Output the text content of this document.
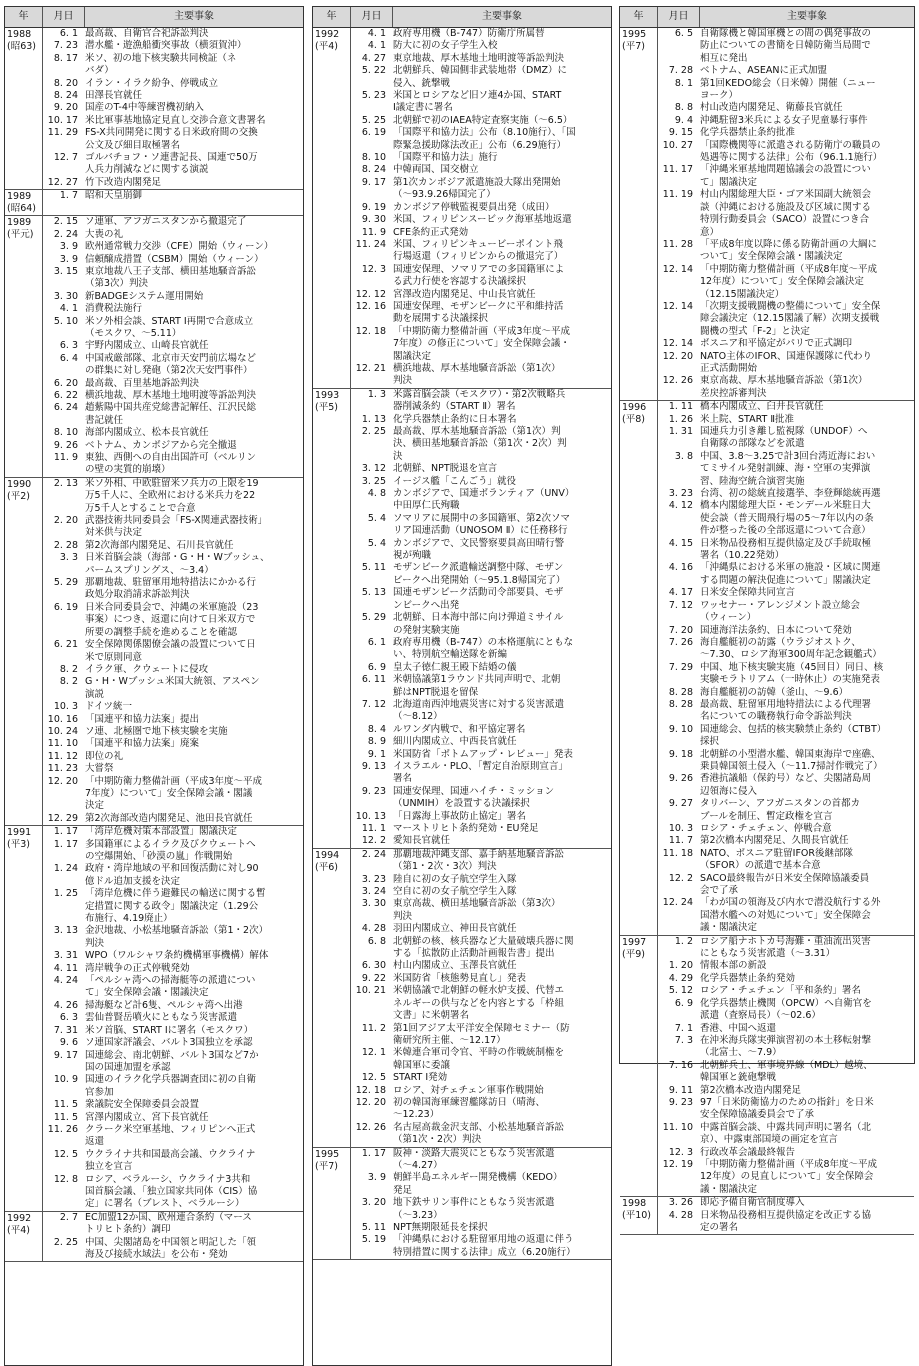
年	月日	主要事象
1988
(昭63)
6. 1 最高裁、自衛官合祀訴訟判決
7. 23 潜水艦・遊漁船衝突事故（横須賀沖）
8. 17 米ソ、初の地下核実験共同検証（ネ
バダ）
8. 20 イラン・イラク紛争、停戦成立
8. 24 田澤長官就任
9. 20 国産のT-4中等練習機初納入
10. 17 米比軍事基地協定見直し交渉合意文書署名
11. 29 FS-X共同開発に関する日米政府間の交換
公文及び細目取極署名
12. 7 ゴルバチョフ・ソ連書記長、国連で50万
人兵力削減などに関する演説
12. 27 竹下改造内閣発足
1989
(昭64)
1. 7 昭和天皇崩御
1989
(平元)
2. 15 ソ連軍、アフガニスタンから撤退完了
2. 24 大喪の礼
3. 9 欧州通常戦力交渉（CFE）開始（ウィーン）
3. 9 信頼醸成措置（CSBM）開始（ウィーン）
3. 15 東京地裁八王子支部、横田基地騒音訴訟
（第3次）判決
3. 30 新BADGEシステム運用開始
4. 1 消費税法施行
5. 10 米ソ外相会談、START Ⅰ再開で合意成立
（モスクワ、～5.11）
6. 3 宇野内閣成立、山崎長官就任
6. 4 中国戒厳部隊、北京市天安門前広場など
の群集に対し発砲（第2次天安門事件）
6. 20 最高裁、百里基地訴訟判決
6. 22 横浜地裁、厚木基地土地明渡等訴訟判決
6. 24 趙紫陽中国共産党総書記解任、江沢民総
書記就任
8. 10 海部内閣成立、松本長官就任
9. 26 ベトナム、カンボジアから完全撤退
11. 9 東独、西側への自由出国許可（ベルリン
の壁の実質的崩壊）
1990
(平2)
2. 13 米ソ外相、中欧駐留米ソ兵力の上限を19
万5千人に、全欧州における米兵力を22
万5千人とすることで合意
2. 20 武器技術共同委員会「FS-X関連武器技術」
対米供与決定
2. 28 第2次海部内閣発足、石川長官就任
3. 3 日米首脳会談（海部・G・H・Wブッシュ、
パームスプリングス、～3.4）
5. 29 那覇地裁、駐留軍用地特措法にかかる行
政処分取消請求訴訟判決
6. 19 日米合同委員会で、沖縄の米軍施設（23
事案）につき、返還に向けて日米双方で
所要の調整手続を進めることを確認
6. 21 安全保障関係閣僚会議の設置について日
米で原則同意
8. 2 イラク軍、クウェートに侵攻
8. 2 G・H・Wブッシュ米国大統領、アスペン
演説
10. 3 ドイツ統一
10. 16 「国連平和協力法案」提出
10. 24 ソ連、北極圏で地下核実験を実施
11. 10 「国連平和協力法案」廃案
11. 12 即位の礼
11. 23 大嘗祭
12. 20 「中期防衛力整備計画（平成3年度～平成
7年度）について」安全保障会議・閣議
決定
12. 29 第2次海部改造内閣発足、池田長官就任
1991
(平3)
1. 17 「湾岸危機対策本部設置」閣議決定
1. 17 多国籍軍によるイラク及びクウェートへ
の空爆開始、「砂漠の嵐」作戦開始
1. 24 政府・湾岸地域の平和回復活動に対し90
億ドル追加支援を決定
1. 25 「湾岸危機に伴う避難民の輸送に関する暫
定措置に関する政令」閣議決定（1.29公
布施行、4.19廃止）
3. 13 金沢地裁、小松基地騒音訴訟（第1・2次）
判決
3. 31 WPO（ワルシャワ条約機構軍事機構）解体
4. 11 湾岸戦争の正式停戦発効
4. 24 「ペルシャ湾への掃海艇等の派遣につい
て」安全保障会議・閣議決定
4. 26 掃海艇など計6隻、ペルシャ湾へ出港
6. 3 雲仙普賢岳噴火にともなう災害派遣
7. 31 米ソ首脳、START Ⅰに署名（モスクワ）
9. 6 ソ連国家評議会、バルト3国独立を承認
9. 17 国連総会、南北朝鮮、バルト3国など7か
国の国連加盟を承認
10. 9 国連のイラク化学兵器調査団に初の自衛
官参加
11. 5 衆議院安全保障委員会設置
11. 5 宮澤内閣成立、宮下長官就任
11. 26 クラーク米空軍基地、フィリピンへ正式
返還
12. 5 ウクライナ共和国最高会議、ウクライナ
独立を宣言
12. 8 ロシア、ベラルーシ、ウクライナ3共和
国首脳会議、「独立国家共同体（CIS）協
定」に署名（ブレスト、ベラルーシ）
1992
(平4)
2. 7 EC加盟12か国、欧州連合条約（マース
トリヒト条約）調印
2. 25 中国、尖閣諸島を中国領と明記した「領
海及び接続水域法」を公布・発効
年	月日	主要事象
1992
(平4)
4. 1 政府専用機（B-747）防衛庁所属替
4. 1 防大に初の女子学生入校
4. 27 東京地裁、厚木基地土地明渡等訴訟判決
5. 22 北朝鮮兵、韓国側非武装地帯（DMZ）に
侵入、銃撃戦
5. 23 米国とロシアなど旧ソ連4か国、START
Ⅰ議定書に署名
5. 25 北朝鮮で初のIAEA特定査察実施（～6.5）
6. 19 「国際平和協力法」公布（8.10施行）、「国
際緊急援助隊法改正」公布（6.29施行）
8. 10 「国際平和協力法」施行
8. 24 中韓両国、国交樹立
9. 17 第1次カンボジア派遣施設大隊出発開始
（～93.9.26帰国完了）
9. 19 カンボジア停戦監視要員出発（成田）
9. 30 米国、フィリピンスービック海軍基地返還
11. 9 CFE条約正式発効
11. 24 米国、フィリピンキュービーポイント飛
行場返還（フィリピンからの撤退完了）
12. 3 国連安保理、ソマリアでの多国籍軍によ
る武力行使を容認する決議採択
12. 12 宮澤改造内閣発足、中山長官就任
12. 16 国連安保理、モザンビークに平和維持活
動を展開する決議採択
12. 18 「中期防衛力整備計画（平成3年度～平成
7年度）の修正について」安全保障会議・
閣議決定
12. 21 横浜地裁、厚木基地騒音訴訟（第1次）
判決
1993
(平5)
1. 3 米露首脳会談（モスクワ）・第2次戦略兵
器削減条約（START Ⅱ）署名
1. 13 化学兵器禁止条約に日本署名
2. 25 最高裁、厚木基地騒音訴訟（第1次）判
決、横田基地騒音訴訟（第1次・2次）判
決
3. 12 北朝鮮、NPT脱退を宣言
3. 25 イージス艦「こんごう」就役
4. 8 カンボジアで、国連ボランティア（UNV）
中田厚仁氏殉職
5. 4 ソマリアに展開中の多国籍軍、第2次ソマ
リア国連活動（UNOSOM Ⅱ）に任務移行
5. 4 カンボジアで、文民警察要員高田晴行警
視が殉職
5. 11 モザンビーク派遣輸送調整中隊、モザン
ビークへ出発開始（～95.1.8帰国完了）
5. 13 国連モザンビーク活動司令部要員、モザ
ンビークへ出発
5. 29 北朝鮮、日本海中部に向け弾道ミサイル
の発射実験実施
6. 1 政府専用機（B-747）の本格運航にともな
い、特別航空輸送隊を新編
6. 9 皇太子徳仁親王殿下結婚の儀
6. 11 米朝協議第1ラウンド共同声明で、北朝
鮮はNPT脱退を留保
7. 12 北海道南西沖地震災害に対する災害派遣
（～8.12）
8. 4 ルワンダ内戦で、和平協定署名
8. 9 細川内閣成立、中西長官就任
9. 1 米国防省「ボトムアップ・レビュー」発表
9. 13 イスラエル・PLO、「暫定自治原則宣言」
署名
9. 23 国連安保理、国連ハイチ・ミッション
（UNMIH）を設置する決議採択
10. 13 「日露海上事故防止協定」署名
11. 1 マーストリヒト条約発効・EU発足
12. 2 愛知長官就任
1994
(平6)
2. 24 那覇地裁沖縄支部、嘉手納基地騒音訴訟
（第1・2次・3次）判決
3. 23 陸自に初の女子航空学生入隊
3. 24 空自に初の女子航空学生入隊
3. 30 東京高裁、横田基地騒音訴訟（第3次）
判決
4. 28 羽田内閣成立、神田長官就任
6. 8 北朝鮮の核、核兵器など大量破壊兵器に関
する「拡散防止活動計画報告書」提出
6. 30 村山内閣成立、玉澤長官就任
9. 22 米国防省「核態勢見直し」発表
10. 21 米朝協議で北朝鮮の軽水炉支援、代替エ
ネルギーの供与などを内容とする「枠組
文書」に米朝署名
11. 2 第1回アジア太平洋安全保障セミナー（防
衛研究所主催、～12.17）
12. 1 米韓連合軍司令官、平時の作戦統制権を
韓国軍に委譲
12. 5 START Ⅰ発効
12. 18 ロシア、対チェチェン軍事作戦開始
12. 20 初の韓国海軍練習艦隊訪日（晴海、
～12.23）
12. 26 名古屋高裁金沢支部、小松基地騒音訴訟
（第1次・2次）判決
1995
(平7)
1. 17 阪神・淡路大震災にともなう災害派遣
（～4.27）
3. 9 朝鮮半島エネルギー開発機構（KEDO）
発足
3. 20 地下鉄サリン事件にともなう災害派遣
（～3.23）
5. 11 NPT無期限延長を採択
5. 19 「沖縄県における駐留軍用地の返還に伴う
特別措置に関する法律」成立（6.20施行）
年	月日	主要事象
1995
(平7)
6. 5 自衛隊機と韓国軍機との間の偶発事故の
防止についての書簡を日韓防衛当局間で
相互に発出
7. 28 ベトナム、ASEANに正式加盟
8. 1 第1回KEDO総会（日米韓）開催（ニュー
ヨーク）
8. 8 村山改造内閣発足、衛藤長官就任
9. 4 沖縄駐留3米兵による女子児童暴行事件
9. 15 化学兵器禁止条約批准
10. 27 「国際機関等に派遣される防衛庁の職員の
処遇等に関する法律」公布（96.1.1施行）
11. 17 「沖縄米軍基地問題協議会の設置につい
て」閣議決定
11. 19 村山内閣総理大臣・ゴア米国副大統領会
談（沖縄における施設及び区域に関する
特別行動委員会（SACO）設置につき合
意）
11. 28 「平成8年度以降に係る防衛計画の大綱に
ついて」安全保障会議・閣議決定
12. 14 「中期防衛力整備計画（平成8年度～平成
12年度）について」安全保障会議決定
（12.15閣議決定）
12. 14 「次期支援戦闘機の整備について」安全保
障会議決定（12.15閣議了解）次期支援戦
闘機の型式「F-2」と決定
12. 14 ボスニア和平協定がパリで正式調印
12. 20 NATO主体のIFOR、国連保護隊に代わり
正式活動開始
12. 26 東京高裁、厚木基地騒音訴訟（第1次）
差戻控訴審判決
1996
(平8)
1. 11 橋本内閣成立、臼井長官就任
1. 26 米上院、START Ⅱ批准
1. 31 国連兵力引き離し監視隊（UNDOF）へ
自衛隊の部隊などを派遣
3. 8 中国、3.8～3.25で計3回台湾近海におい
てミサイル発射訓練、海・空軍の実弾演
習、陸海空統合演習実施
3. 23 台湾、初の総統直接選挙、李登輝総統再選
4. 12 橋本内閣総理大臣・モンデール米駐日大
使会談（普天間飛行場の5～7年以内の条
件が整った後の全部返還について合意）
4. 15 日米物品役務相互提供協定及び手続取極
署名（10.22発効）
4. 16 「沖縄県における米軍の施設・区域に関連
する問題の解決促進について」閣議決定
4. 17 日米安全保障共同宣言
7. 12 ワッセナー・アレンジメント設立総会
（ウィーン）
7. 20 国連海洋法条約、日本について発効
7. 26 海自艦艇初の訪露（ウラジオストク、
～7.30、ロシア海軍300周年記念観艦式）
7. 29 中国、地下核実験実施（45回目）同日、核
実験モラトリアム（一時休止）の実施発表
8. 28 海自艦艇初の訪韓（釜山、～9.6）
8. 28 最高裁、駐留軍用地特措法による代理署
名についての職務執行命令訴訟判決
9. 10 国連総会、包括的核実験禁止条約（CTBT）
採択
9. 18 北朝鮮の小型潜水艦、韓国東海岸で座礁、
乗員韓国領土侵入（～11.7掃討作戦完了）
9. 26 香港抗議船（保釣号）など、尖閣諸島周
辺領海に侵入
9. 27 タリバーン、アフガニスタンの首都カ
ブールを制圧、暫定政権を宣言
10. 3 ロシア・チェチェン、停戦合意
11. 7 第2次橋本内閣発足、久間長官就任
11. 18 NATO、ボスニア駐留IFOR後継部隊
（SFOR）の派遣で基本合意
12. 2 SACO最終報告が日米安全保障協議委員
会で了承
12. 24 「わが国の領海及び内水で潜没航行する外
国潜水艦への対処について」安全保障会
議・閣議決定
1997
(平9)
1. 2 ロシア船ナホトカ号海難・重油流出災害
にともなう災害派遣（～3.31）
1. 20 情報本部の新設
4. 29 化学兵器禁止条約発効
5. 12 ロシア・チェチェン「平和条約」署名
6. 9 化学兵器禁止機関（OPCW）へ自衛官を
派遣（査察局長）（～02.6）
7. 1 香港、中国へ返還
7. 3 在沖米海兵隊実弾演習初の本土移転射撃
（北富士、～7.9）
7. 16 北朝鮮兵士、軍事境界線（MDL）越境、
韓国軍と銃砲撃戦
9. 11 第2次橋本改造内閣発足
9. 23 97「日米防衛協力のための指針」を日米
安全保障協議委員会で了承
11. 10 中露首脳会談、中露共同声明に署名（北
京）、中露東部国境の画定を宣言
12. 3 行政改革会議最終報告
12. 19 「中期防衛力整備計画（平成8年度～平成
12年度）の見直しについて」安全保障会
議・閣議決定
1998
(平10)
3. 26 即応予備自衛官制度導入
4. 28 日米物品役務相互提供協定を改正する協
定の署名
